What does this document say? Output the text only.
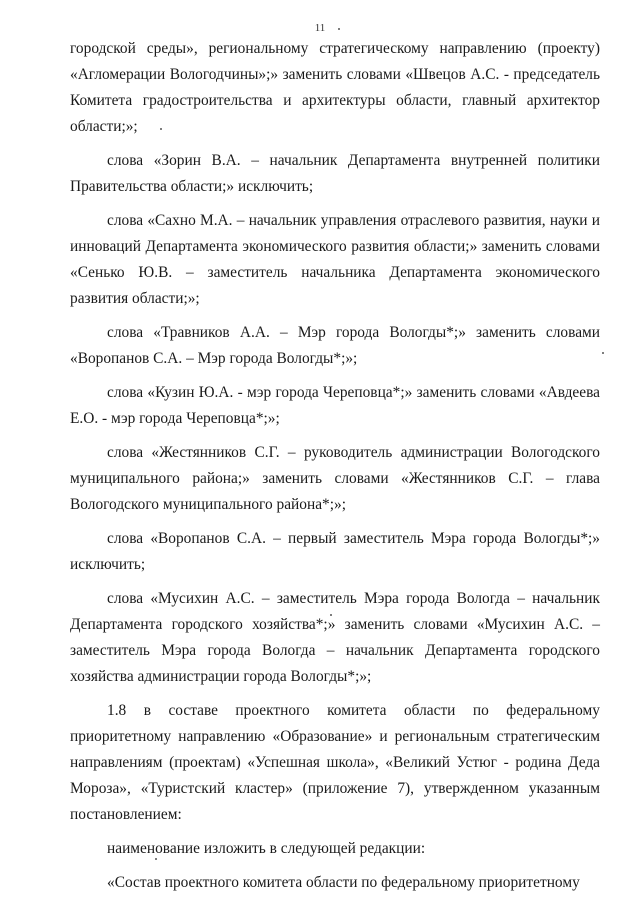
11

городской среды», региональному стратегическому направлению (проекту) «Агломерации Вологодчины»;» заменить словами «Швецов А.С. - председатель Комитета градостроительства и архитектуры области, главный архитектор области;»;

слова «Зорин В.А. – начальник Департамента внутренней политики Правительства области;» исключить;

слова «Сахно М.А. – начальник управления отраслевого развития, науки и инноваций Департамента экономического развития области;» заменить словами «Сенько Ю.В. – заместитель начальника Департамента экономического развития области;»;

слова «Травников А.А. – Мэр города Вологды*;» заменить словами «Воропанов С.А. – Мэр города Вологды*;»;

слова «Кузин Ю.А. - мэр города Череповца*;» заменить словами «Авдеева Е.О. - мэр города Череповца*;»;

слова «Жестянников С.Г. – руководитель администрации Вологодского муниципального района;» заменить словами «Жестянников С.Г. – глава Вологодского муниципального района*;»;

слова «Воропанов С.А. – первый заместитель Мэра города Вологды*;» исключить;

слова «Мусихин А.С. – заместитель Мэра города Вологда – начальник Департамента городского хозяйства*;» заменить словами «Мусихин А.С. – заместитель Мэра города Вологда – начальник Департамента городского хозяйства администрации города Вологды*;»;

1.8 в составе проектного комитета области по федеральному приоритетному направлению «Образование» и региональным стратегическим направлениям (проектам) «Успешная школа», «Великий Устюг - родина Деда Мороза», «Туристский кластер» (приложение 7), утвержденном указанным постановлением:

наименование изложить в следующей редакции:

«Состав проектного комитета области по федеральному приоритетному
